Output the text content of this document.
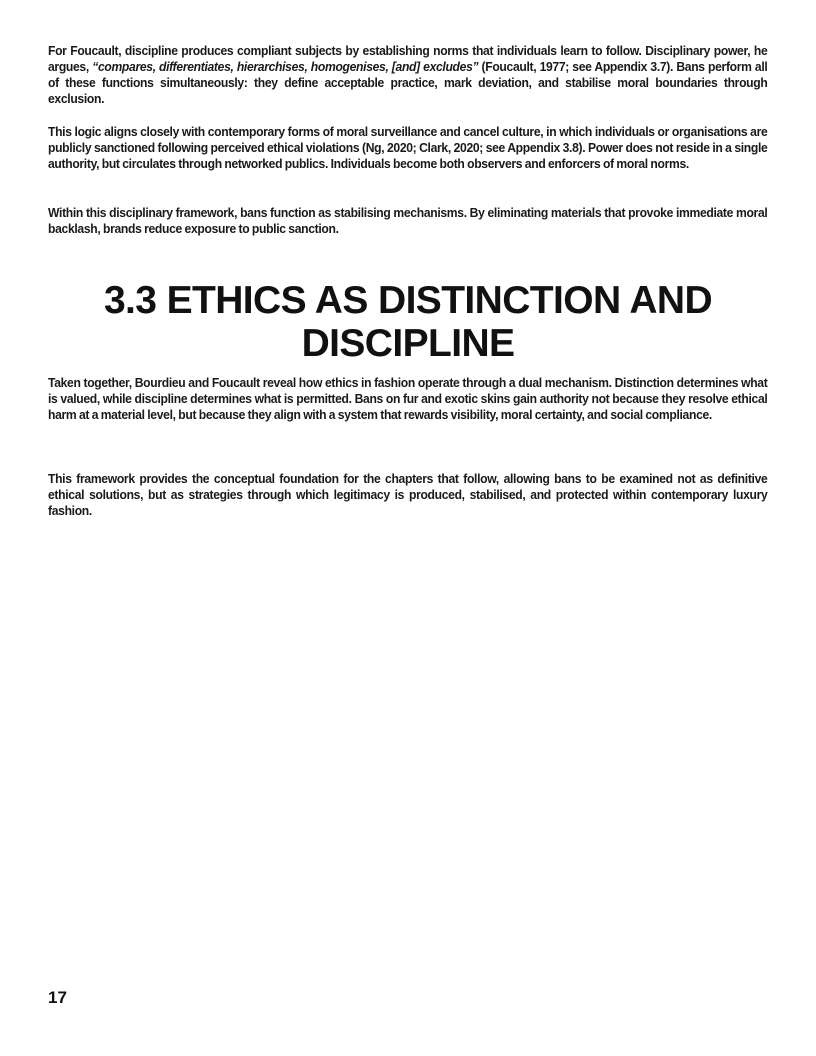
For Foucault, discipline produces compliant subjects by establishing norms that individuals learn to follow. Disciplinary power, he argues, “compares, differentiates, hierarchises, homogenises, [and] excludes” (Foucault, 1977; see Appendix 3.7). Bans perform all of these functions simultaneously: they define acceptable practice, mark deviation, and stabilise moral boundaries through exclusion.

This logic aligns closely with contemporary forms of moral surveillance and cancel culture, in which individuals or organisations are publicly sanctioned following perceived ethical violations (Ng, 2020; Clark, 2020; see Appendix 3.8). Power does not reside in a single authority, but circulates through networked publics. Individuals become both observers and enforcers of moral norms.

Within this disciplinary framework, bans function as stabilising mechanisms. By eliminating materials that provoke immediate moral backlash, brands reduce exposure to public sanction.

3.3 ETHICS AS DISTINCTION AND DISCIPLINE

Taken together, Bourdieu and Foucault reveal how ethics in fashion operate through a dual mechanism. Distinction determines what is valued, while discipline determines what is permitted. Bans on fur and exotic skins gain authority not because they resolve ethical harm at a material level, but because they align with a system that rewards visibility, moral certainty, and social compliance.

This framework provides the conceptual foundation for the chapters that follow, allowing bans to be examined not as definitive ethical solutions, but as strategies through which legitimacy is produced, stabilised, and protected within contemporary luxury fashion.

17
